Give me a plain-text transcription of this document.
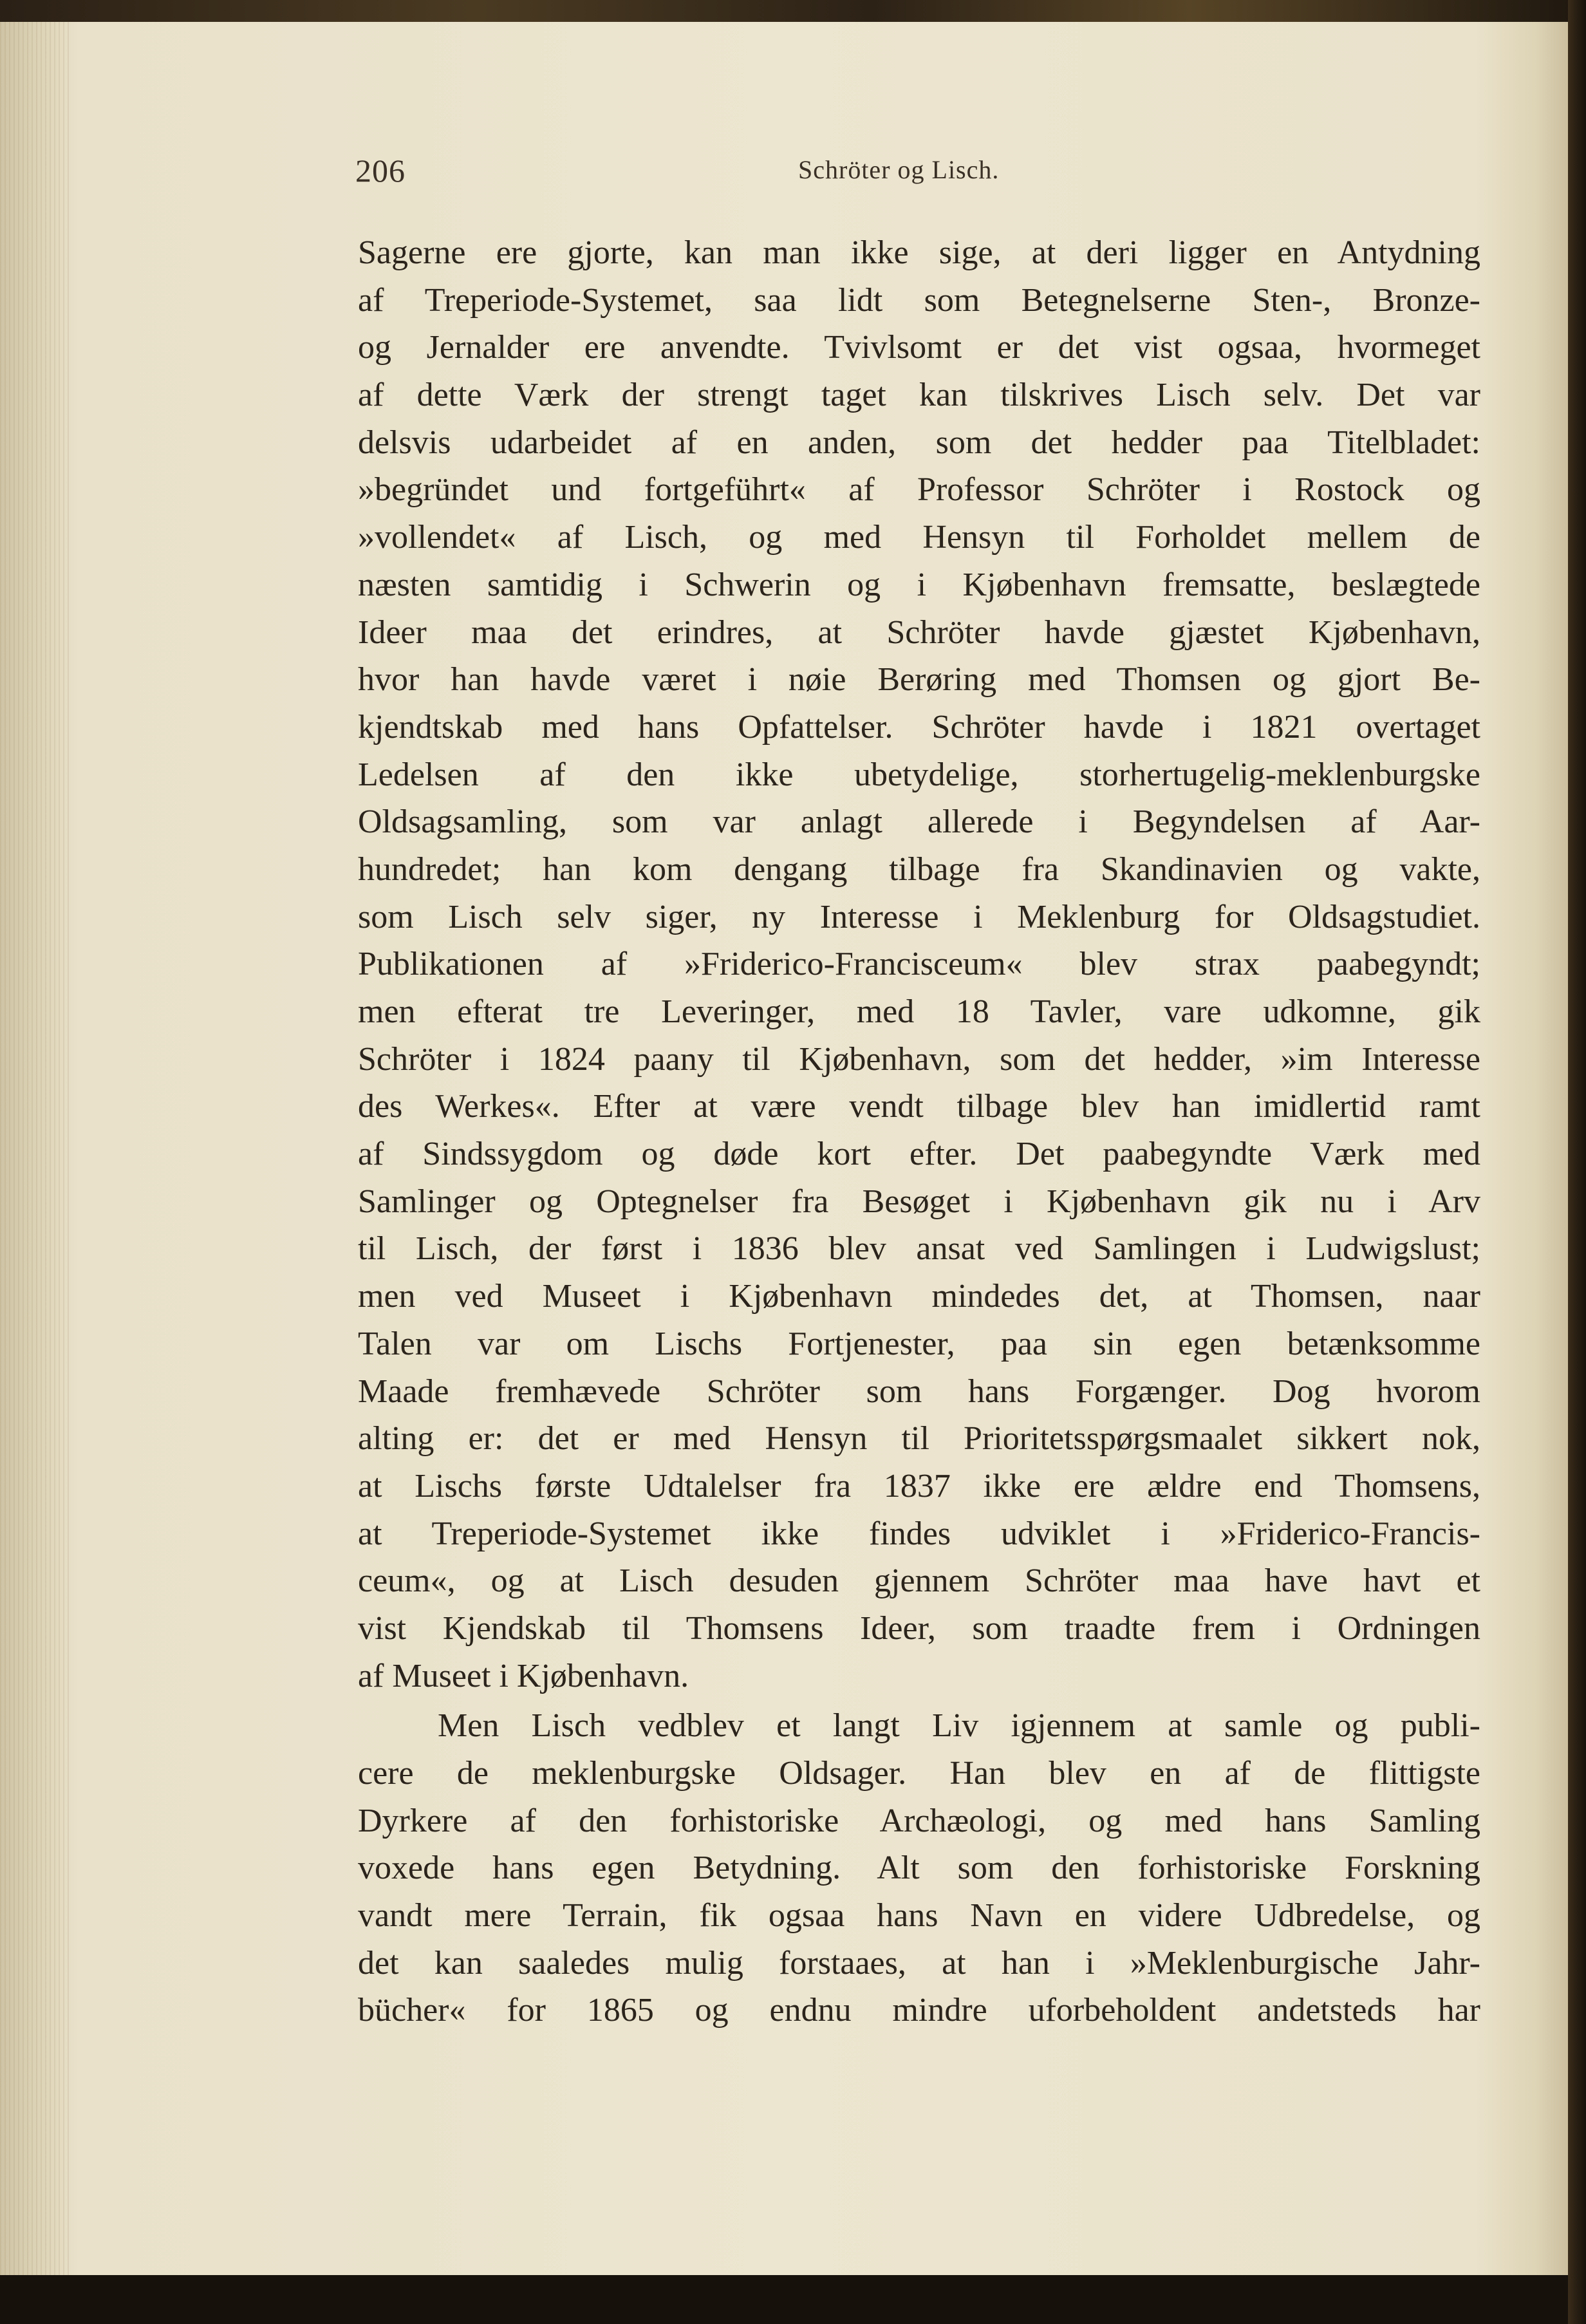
206	Schröter og Lisch.
Sagerne ere gjorte, kan man ikke sige, at deri ligger en Antydning
af Treperiode-Systemet, saa lidt som Betegnelserne Sten-, Bronze-
og Jernalder ere anvendte. Tvivlsomt er det vist ogsaa, hvormeget
af dette Værk der strengt taget kan tilskrives Lisch selv. Det var
delsvis udarbeidet af en anden, som det hedder paa Titelbladet:
»begründet und fortgeführt« af Professor Schröter i Rostock og
»vollendet« af Lisch, og med Hensyn til Forholdet mellem de
næsten samtidig i Schwerin og i Kjøbenhavn fremsatte, beslægtede
Ideer maa det erindres, at Schröter havde gjæstet Kjøbenhavn,
hvor han havde været i nøie Berøring med Thomsen og gjort Be-
kjendtskab med hans Opfattelser. Schröter havde i 1821 overtaget
Ledelsen af den ikke ubetydelige, storhertugelig-meklenburgske
Oldsagsamling, som var anlagt allerede i Begyndelsen af Aar-
hundredet; han kom dengang tilbage fra Skandinavien og vakte,
som Lisch selv siger, ny Interesse i Meklenburg for Oldsagstudiet.
Publikationen af »Friderico-Francisceum« blev strax paabegyndt;
men efterat tre Leveringer, med 18 Tavler, vare udkomne, gik
Schröter i 1824 paany til Kjøbenhavn, som det hedder, »im Interesse
des Werkes«. Efter at være vendt tilbage blev han imidlertid ramt
af Sindssygdom og døde kort efter. Det paabegyndte Værk med
Samlinger og Optegnelser fra Besøget i Kjøbenhavn gik nu i Arv
til Lisch, der først i 1836 blev ansat ved Samlingen i Ludwigslust;
men ved Museet i Kjøbenhavn mindedes det, at Thomsen, naar
Talen var om Lischs Fortjenester, paa sin egen betænksomme
Maade fremhævede Schröter som hans Forgænger. Dog hvorom
alting er: det er med Hensyn til Prioritetsspørgsmaalet sikkert nok,
at Lischs første Udtalelser fra 1837 ikke ere ældre end Thomsens,
at Treperiode-Systemet ikke findes udviklet i »Friderico-Francis-
ceum«, og at Lisch desuden gjennem Schröter maa have havt et
vist Kjendskab til Thomsens Ideer, som traadte frem i Ordningen
af Museet i Kjøbenhavn.
Men Lisch vedblev et langt Liv igjennem at samle og publi-
cere de meklenburgske Oldsager. Han blev en af de flittigste
Dyrkere af den forhistoriske Archæologi, og med hans Samling
voxede hans egen Betydning. Alt som den forhistoriske Forskning
vandt mere Terrain, fik ogsaa hans Navn en videre Udbredelse, og
det kan saaledes mulig forstaaes, at han i »Meklenburgische Jahr-
bücher« for 1865 og endnu mindre uforbeholdent andetsteds har
